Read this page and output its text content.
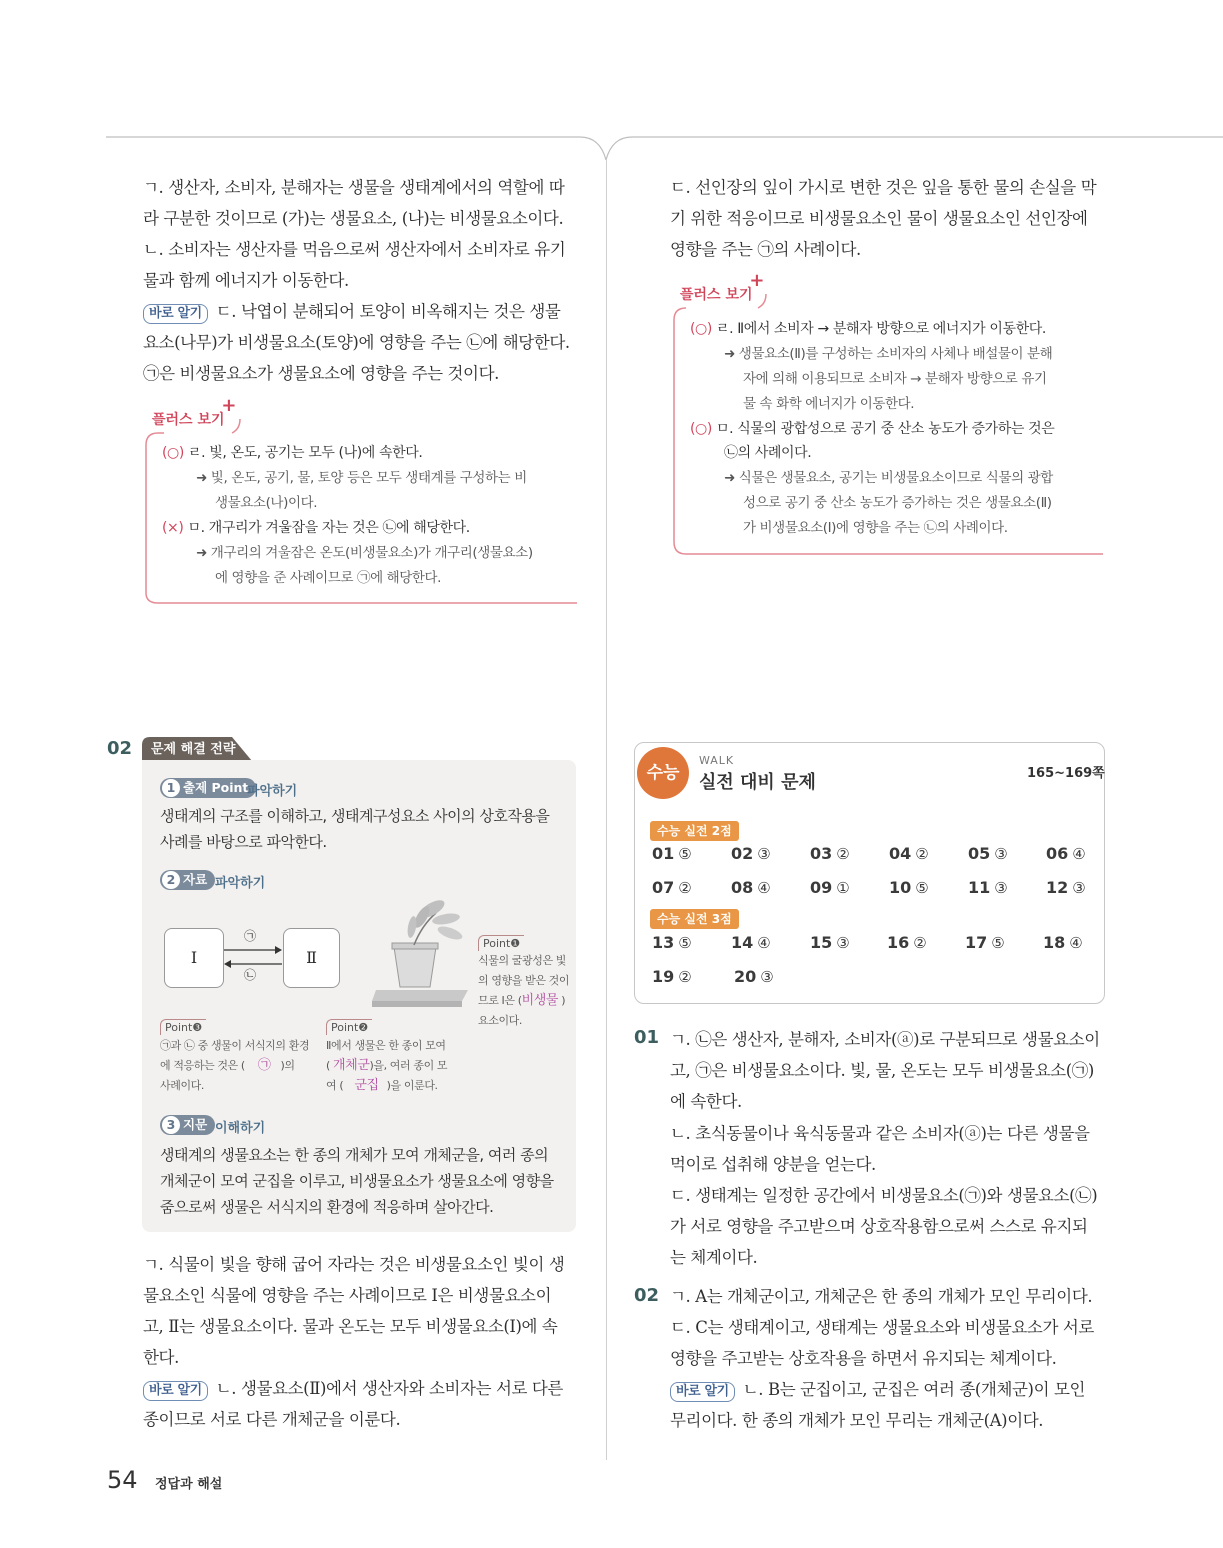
ㄱ. 생산자, 소비자, 분해자는 생물을 생태계에서의 역할에 따
라 구분한 것이므로 (가)는 생물요소, (나)는 비생물요소이다.
ㄴ. 소비자는 생산자를 먹음으로써 생산자에서 소비자로 유기
물과 함께 에너지가 이동한다.
바로 알기 ㄷ. 낙엽이 분해되어 토양이 비옥해지는 것은 생물
요소(나무)가 비생물요소(토양)에 영향을 주는 ㉡에 해당한다.
㉠은 비생물요소가 생물요소에 영향을 주는 것이다.
플러스 보기
+
(○) ㄹ. 빛, 온도, 공기는 모두 (나)에 속한다.
➜ 빛, 온도, 공기, 물, 토양 등은 모두 생태계를 구성하는 비
생물요소(나)이다.
(×) ㅁ. 개구리가 겨울잠을 자는 것은 ㉡에 해당한다.
➜ 개구리의 겨울잠은 온도(비생물요소)가 개구리(생물요소)
에 영향을 준 사례이므로 ㉠에 해당한다.
ㄷ. 선인장의 잎이 가시로 변한 것은 잎을 통한 물의 손실을 막
기 위한 적응이므로 비생물요소인 물이 생물요소인 선인장에
영향을 주는 ㉠의 사례이다.
플러스 보기
+
(○) ㄹ. Ⅱ에서 소비자 → 분해자 방향으로 에너지가 이동한다.
➜ 생물요소(Ⅱ)를 구성하는 소비자의 사체나 배설물이 분해
자에 의해 이용되므로 소비자 → 분해자 방향으로 유기
물 속 화학 에너지가 이동한다.
(○) ㅁ. 식물의 광합성으로 공기 중 산소 농도가 증가하는 것은
㉡의 사례이다.
➜ 식물은 생물요소, 공기는 비생물요소이므로 식물의 광합
성으로 공기 중 산소 농도가 증가하는 것은 생물요소(Ⅱ)
가 비생물요소(Ⅰ)에 영향을 주는 ㉡의 사례이다.
02 문제 해결 전략
1 출제 Point
파악하기
생태계의 구조를 이해하고, 생태계구성요소 사이의 상호작용을
사례를 바탕으로 파악한다.
2 자료 파악하기
Ⅰ	Ⅱ
㉠
㉡
Point❶
식물의 굴광성은 빛
의 영향을 받은 것이
므로 Ⅰ은 (비생물 )
요소이다.
Point❸
㉠과 ㉡ 중 생물이 서식지의 환경
에 적응하는 것은 ( ㉠ )의
사례이다.
Point❷
Ⅱ에서 생물은 한 종이 모여
( 개체군)을, 여러 종이 모
여 ( 군집 )을 이룬다.
3 지문 이해하기
생태계의 생물요소는 한 종의 개체가 모여 개체군을, 여러 종의
개체군이 모여 군집을 이루고, 비생물요소가 생물요소에 영향을
줌으로써 생물은 서식지의 환경에 적응하며 살아간다.
ㄱ. 식물이 빛을 향해 굽어 자라는 것은 비생물요소인 빛이 생
물요소인 식물에 영향을 주는 사례이므로 Ⅰ은 비생물요소이
고, Ⅱ는 생물요소이다. 물과 온도는 모두 비생물요소(Ⅰ)에 속
한다.
바로 알기 ㄴ. 생물요소(Ⅱ)에서 생산자와 소비자는 서로 다른
종이므로 서로 다른 개체군을 이룬다.
수능
WALK
실전 대비 문제	165~169쪽
수능 실전 2점
01 ⑤ 02 ③ 03 ② 04 ② 05 ③ 06 ④
07 ② 08 ④ 09 ① 10 ⑤ 11 ③ 12 ③
수능 실전 3점
13 ⑤ 14 ④ 15 ③ 16 ② 17 ⑤ 18 ④
19 ②	20 ③
01 ㄱ. ㉡은 생산자, 분해자, 소비자(ⓐ)로 구분되므로 생물요소이
고, ㉠은 비생물요소이다. 빛, 물, 온도는 모두 비생물요소(㉠)
에 속한다.
ㄴ. 초식동물이나 육식동물과 같은 소비자(ⓐ)는 다른 생물을
먹이로 섭취해 양분을 얻는다.
ㄷ. 생태계는 일정한 공간에서 비생물요소(㉠)와 생물요소(㉡)
가 서로 영향을 주고받으며 상호작용함으로써 스스로 유지되
는 체계이다.
02 ㄱ. A는 개체군이고, 개체군은 한 종의 개체가 모인 무리이다.
ㄷ. C는 생태계이고, 생태계는 생물요소와 비생물요소가 서로
영향을 주고받는 상호작용을 하면서 유지되는 체계이다.
바로 알기 ㄴ. B는 군집이고, 군집은 여러 종(개체군)이 모인
무리이다. 한 종의 개체가 모인 무리는 개체군(A)이다.
54 정답과 해설
